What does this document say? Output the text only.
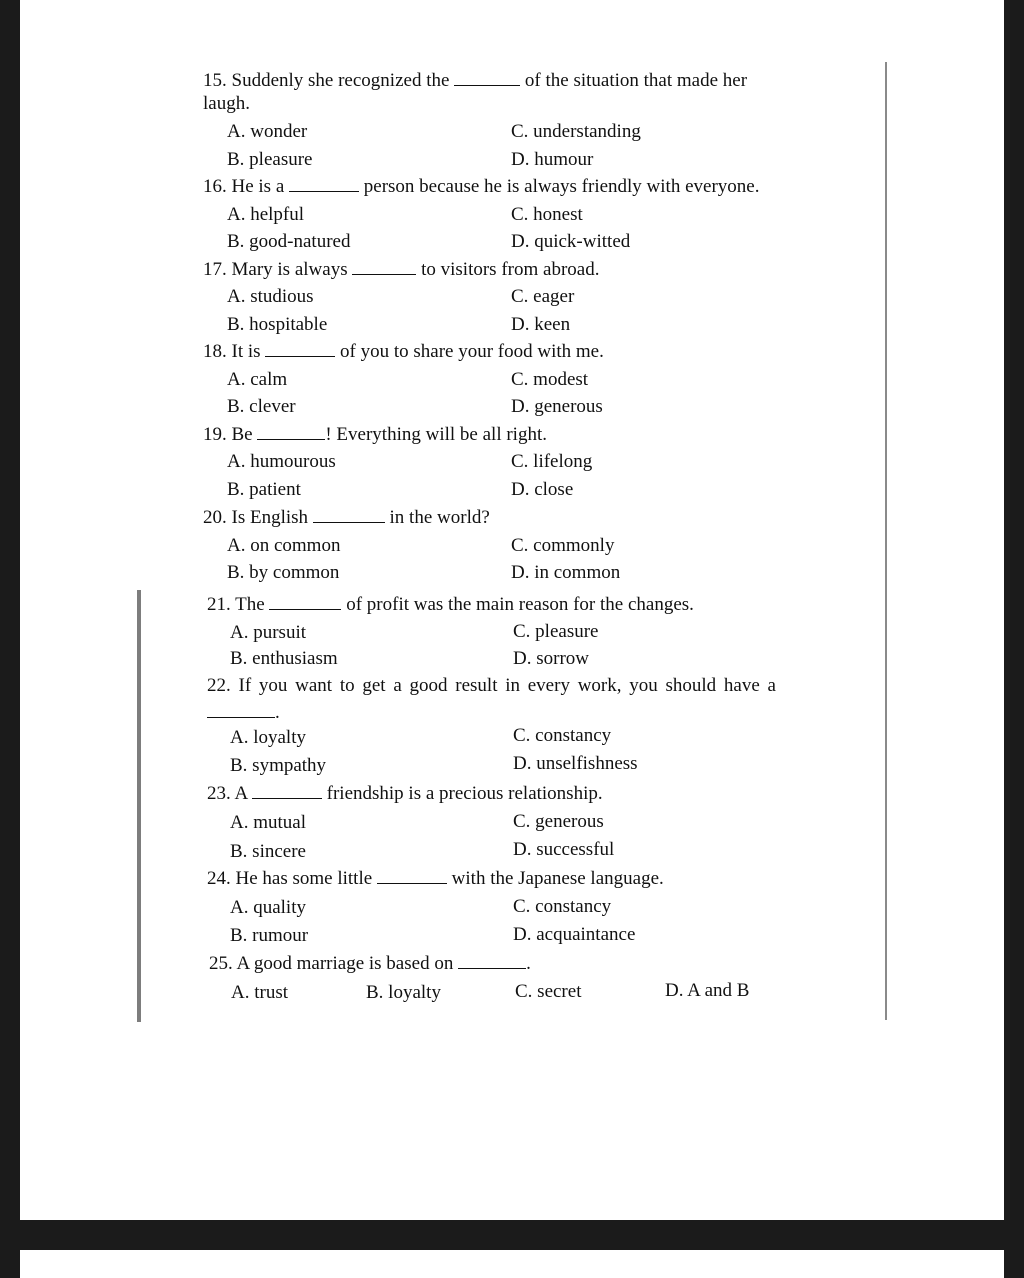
15. Suddenly she recognized the	of the situation that made her
laugh.
A. wonder
B. pleasure
C. understanding
D. humour
16. He is a	person because he is always friendly with everyone.
A. helpful
B. good-natured
C. honest
D. quick-witted
17. Mary is always	to visitors from abroad.
A. studious
B. hospitable
C. eager
D. keen
18. It is	of you to share your food with me.
A. calm
B. clever
C. modest
D. generous
19. Be	! Everything will be all right.
A. humourous
B. patient
C. lifelong
D. close
20. Is English	in the world?
A. on common
B. by common
C. commonly
D. in common
21. The	of profit was the main reason for the changes.
A. pursuit
B. enthusiasm
C. pleasure
D. sorrow
22. If you want to get a good result in every work, you should have a
.
A. loyalty
B. sympathy
C. constancy
D. unselfishness
23. A	friendship is a precious relationship.
A. mutual
B. sincere
C. generous
D. successful
24. He has some little	with the Japanese language.
A. quality
B. rumour
C. constancy
D. acquaintance
25. A good marriage is based on	.
A. trust	B. loyalty	C. secret	D. A and B
